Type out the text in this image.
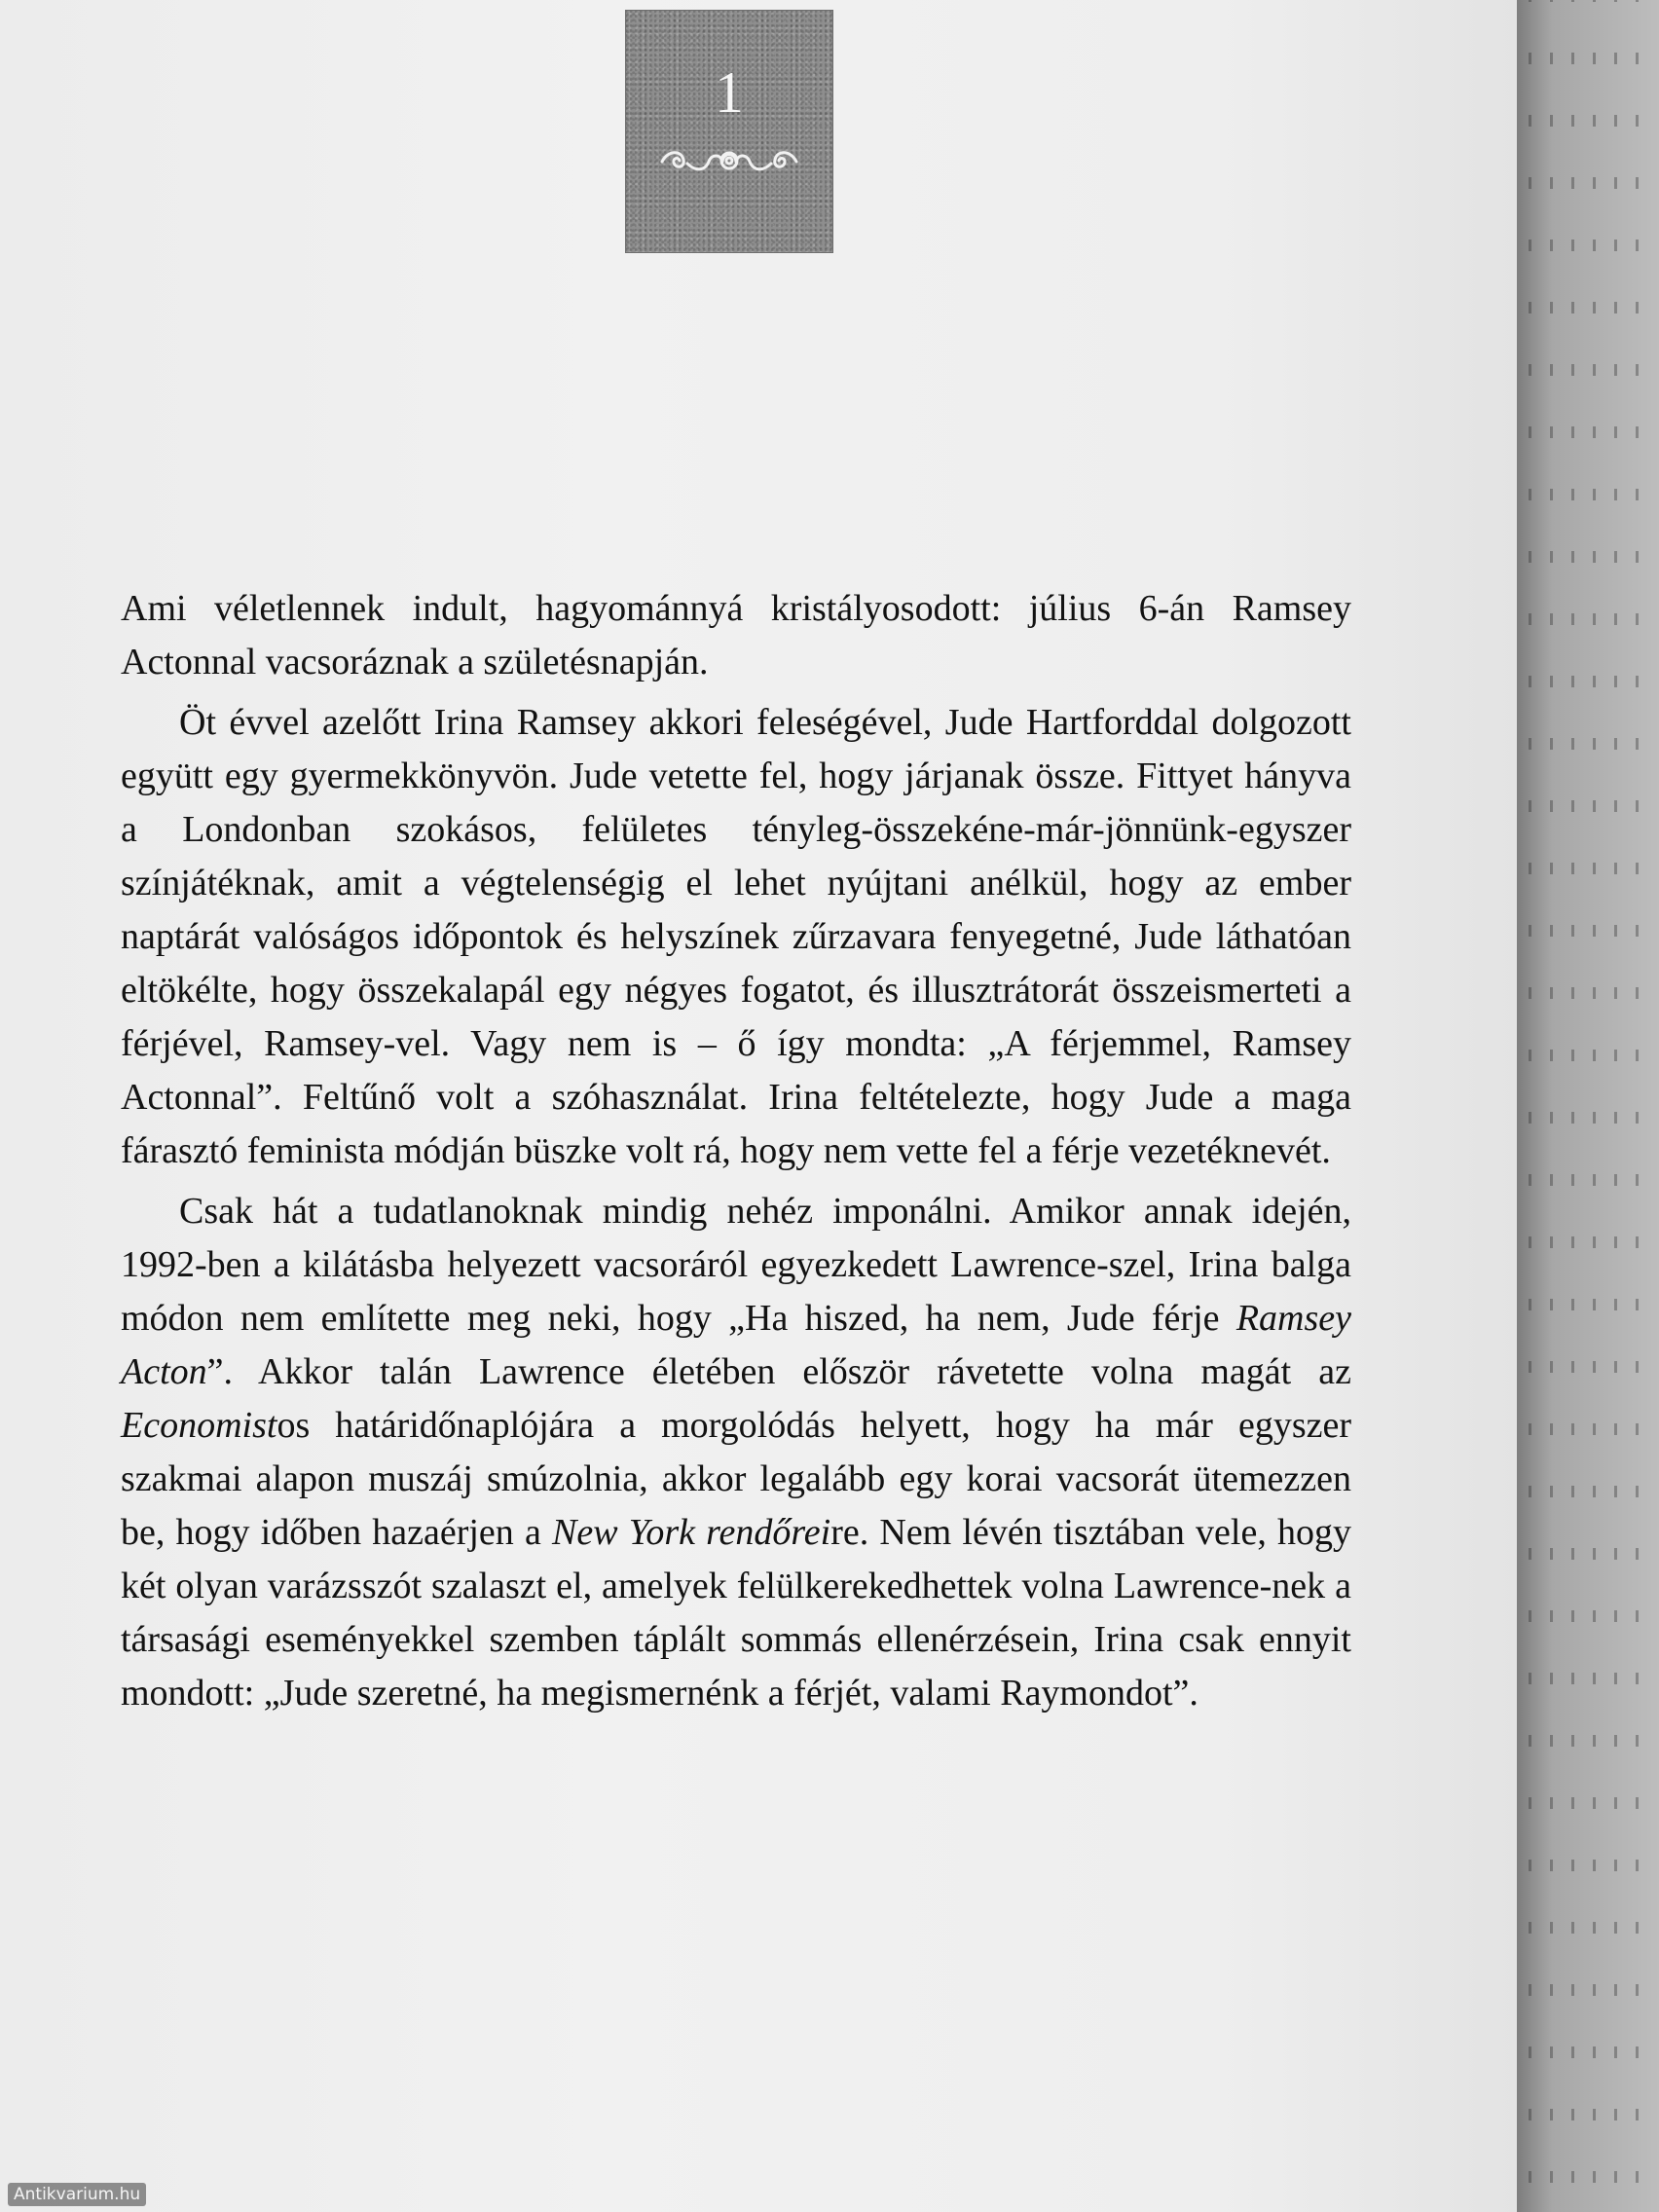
1

Ami véletlennek indult, hagyománnyá kristályosodott: július 6-án Ramsey Actonnal vacsoráznak a születésnapján.

Öt évvel azelőtt Irina Ramsey akkori feleségével, Jude Hartforddal dolgozott együtt egy gyermekkönyvön. Jude vetette fel, hogy járjanak össze. Fittyet hányva a Londonban szokásos, felületes tényleg-összekéne-már-jönnünk-egyszer színjátéknak, amit a végtelenségig el lehet nyújtani anélkül, hogy az ember naptárát valóságos időpontok és helyszínek zűrzavara fenyegetné, Jude láthatóan eltökélte, hogy összekalapál egy négyes fogatot, és illusztrátorát összeismerteti a férjével, Ramsey-vel. Vagy nem is – ő így mondta: „A férjemmel, Ramsey Actonnal”. Feltűnő volt a szóhasználat. Irina feltételezte, hogy Jude a maga fárasztó feminista módján büszke volt rá, hogy nem vette fel a férje vezetéknevét.

Csak hát a tudatlanoknak mindig nehéz imponálni. Amikor annak idején, 1992-ben a kilátásba helyezett vacsoráról egyezkedett Lawrence-szel, Irina balga módon nem említette meg neki, hogy „Ha hiszed, ha nem, Jude férje Ramsey Acton”. Akkor talán Lawrence életében először rávetette volna magát az Economistos határidőnaplójára a morgolódás helyett, hogy ha már egyszer szakmai alapon muszáj smúzolnia, akkor legalább egy korai vacsorát ütemezzen be, hogy időben hazaérjen a New York rendőreire. Nem lévén tisztában vele, hogy két olyan varázsszót szalaszt el, amelyek felülkerekedhettek volna Lawrence-nek a társasági eseményekkel szemben táplált sommás ellenérzésein, Irina csak ennyit mondott: „Jude szeretné, ha megismernénk a férjét, valami Raymondot”.

Antikvarium.hu
